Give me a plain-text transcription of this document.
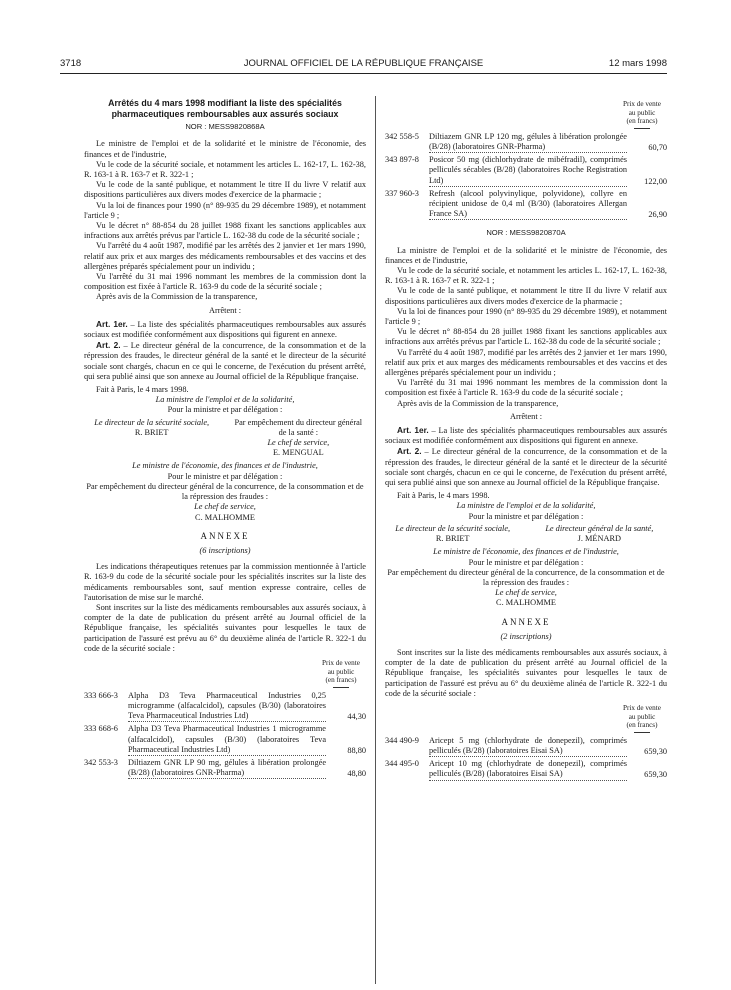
3718	JOURNAL OFFICIEL DE LA RÉPUBLIQUE FRANÇAISE	12 mars 1998
Arrêtés du 4 mars 1998 modifiant la liste des spécialités pharmaceutiques remboursables aux assurés sociaux
NOR : MESS9820868A

Le ministre de l'emploi et de la solidarité et le ministre de l'économie, des finances et de l'industrie,

Vu le code de la sécurité sociale, et notamment les articles L. 162-17, L. 162-38, R. 163-1 à R. 163-7 et R. 322-1 ;

Vu le code de la santé publique, et notamment le titre II du livre V relatif aux dispositions particulières aux divers modes d'exercice de la pharmacie ;

Vu la loi de finances pour 1990 (n° 89-935 du 29 décembre 1989), et notamment l'article 9 ;

Vu le décret n° 88-854 du 28 juillet 1988 fixant les sanctions applicables aux infractions aux arrêtés prévus par l'article L. 162-38 du code de la sécurité sociale ;

Vu l'arrêté du 4 août 1987, modifié par les arrêtés des 2 janvier et 1er mars 1990, relatif aux prix et aux marges des médicaments remboursables et des vaccins et des allergènes préparés spécialement pour un individu ;

Vu l'arrêté du 31 mai 1996 nommant les membres de la commission dont la composition est fixée à l'article R. 163-9 du code de la sécurité sociale ;

Après avis de la Commission de la transparence,

Arrêtent :

Art. 1er. – La liste des spécialités pharmaceutiques remboursables aux assurés sociaux est modifiée conformément aux dispositions qui figurent en annexe.

Art. 2. – Le directeur général de la concurrence, de la consommation et de la répression des fraudes, le directeur général de la santé et le directeur de la sécurité sociale sont chargés, chacun en ce qui le concerne, de l'exécution du présent arrêté, qui sera publié ainsi que son annexe au Journal officiel de la République française.

Fait à Paris, le 4 mars 1998.

La ministre de l'emploi et de la solidarité,
Pour la ministre et par délégation :
Le directeur de la sécurité sociale,
R. BRIET
Par empêchement du directeur général de la santé :
Le chef de service,
E. MENGUAL
Le ministre de l'économie, des finances et de l'industrie,
Pour le ministre et par délégation :
Par empêchement du directeur général de la concurrence, de la consommation et de la répression des fraudes :
Le chef de service,
C. MALHOMME
ANNEXE
(6 inscriptions)

Les indications thérapeutiques retenues par la commission mentionnée à l'article R. 163-9 du code de la sécurité sociale pour les spécialités inscrites sur la liste des médicaments remboursables sont, sauf mention expresse contraire, celles de l'autorisation de mise sur le marché.

Sont inscrites sur la liste des médicaments remboursables aux assurés sociaux, à compter de la date de publication du présent arrêté au Journal officiel de la République française, les spécialités suivantes pour lesquelles le taux de participation de l'assuré est prévu au 6° du deuxième alinéa de l'article R. 322-1 du code de la sécurité sociale :

Prix de vente
au public
(en francs)
333 666-3	Alpha D3 Teva Pharmaceutical Industries 0,25 microgramme (alfacalcidol), capsules (B/30) (laboratoires Teva Pharmaceutical Industries Ltd)	44,30
333 668-6	Alpha D3 Teva Pharmaceutical Industries 1 microgramme (alfacalcidol), capsules (B/30) (laboratoires Teva Pharmaceutical Industries Ltd)	88,80
342 553-3	Diltiazem GNR LP 90 mg, gélules à libération prolongée (B/28) (laboratoires GNR-Pharma)	48,80
Prix de vente
au public
(en francs)
342 558-5	Diltiazem GNR LP 120 mg, gélules à libération prolongée (B/28) (laboratoires GNR-Pharma)	60,70
343 897-8	Posicor 50 mg (dichlorhydrate de mibéfradil), comprimés pelliculés sécables (B/28) (laboratoires Roche Registration Ltd)	122,00
337 960-3	Refresh (alcool polyvinylique, polyvidone), collyre en récipient unidose de 0,4 ml (B/30) (laboratoires Allergan France SA)	26,90
NOR : MESS9820870A

La ministre de l'emploi et de la solidarité et le ministre de l'économie, des finances et de l'industrie,

Vu le code de la sécurité sociale, et notamment les articles L. 162-17, L. 162-38, R. 163-1 à R. 163-7 et R. 322-1 ;

Vu le code de la santé publique, et notamment le titre II du livre V relatif aux dispositions particulières aux divers modes d'exercice de la pharmacie ;

Vu la loi de finances pour 1990 (n° 89-935 du 29 décembre 1989), et notamment l'article 9 ;

Vu le décret n° 88-854 du 28 juillet 1988 fixant les sanctions applicables aux infractions aux arrêtés prévus par l'article L. 162-38 du code de la sécurité sociale ;

Vu l'arrêté du 4 août 1987, modifié par les arrêtés des 2 janvier et 1er mars 1990, relatif aux prix et aux marges des médicaments remboursables et des vaccins et des allergènes préparés spécialement pour un individu ;

Vu l'arrêté du 31 mai 1996 nommant les membres de la commission dont la composition est fixée à l'article R. 163-9 du code de la sécurité sociale ;

Après avis de la Commission de la transparence,

Arrêtent :

Art. 1er. – La liste des spécialités pharmaceutiques remboursables aux assurés sociaux est modifiée conformément aux dispositions qui figurent en annexe.

Art. 2. – Le directeur général de la concurrence, de la consommation et de la répression des fraudes, le directeur général de la santé et le directeur de la sécurité sociale sont chargés, chacun en ce qui le concerne, de l'exécution du présent arrêté, qui sera publié ainsi que son annexe au Journal officiel de la République française.

Fait à Paris, le 4 mars 1998.

La ministre de l'emploi et de la solidarité,
Pour la ministre et par délégation :
Le directeur de la sécurité sociale,
R. BRIET
Le directeur général de la santé,
J. MÉNARD
Le ministre de l'économie, des finances et de l'industrie,
Pour le ministre et par délégation :
Par empêchement du directeur général de la concurrence, de la consommation et de la répression des fraudes :
Le chef de service,
C. MALHOMME
ANNEXE
(2 inscriptions)

Sont inscrites sur la liste des médicaments remboursables aux assurés sociaux, à compter de la date de publication du présent arrêté au Journal officiel de la République française, les spécialités suivantes pour lesquelles le taux de participation de l'assuré est prévu au 6° du deuxième alinéa de l'article R. 322-1 du code de la sécurité sociale :

Prix de vente
au public
(en francs)
344 490-9	Aricept 5 mg (chlorhydrate de donepezil), comprimés pelliculés (B/28) (laboratoires Eisai SA)	659,30
344 495-0	Aricept 10 mg (chlorhydrate de donepezil), comprimés pelliculés (B/28) (laboratoires Eisai SA)	659,30
